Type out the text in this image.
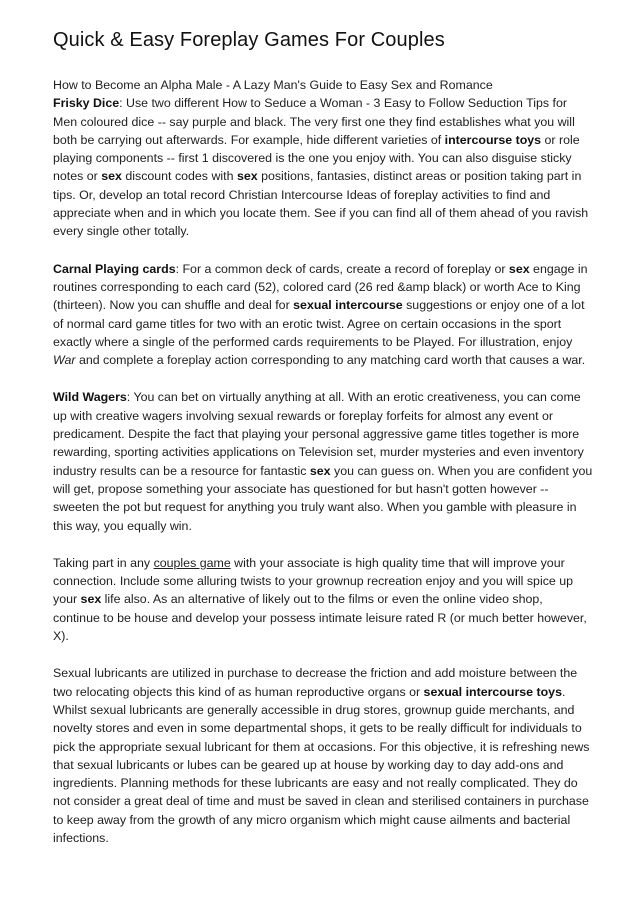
Quick & Easy Foreplay Games For Couples

How to Become an Alpha Male - A Lazy Man's Guide to Easy Sex and Romance
Frisky Dice: Use two different How to Seduce a Woman - 3 Easy to Follow Seduction Tips for Men coloured dice -- say purple and black. The very first one they find establishes what you will both be carrying out afterwards. For example, hide different varieties of intercourse toys or role playing components -- first 1 discovered is the one you enjoy with. You can also disguise sticky notes or sex discount codes with sex positions, fantasies, distinct areas or position taking part in tips. Or, develop an total record Christian Intercourse Ideas of foreplay activities to find and appreciate when and in which you locate them. See if you can find all of them ahead of you ravish every single other totally.

Carnal Playing cards: For a common deck of cards, create a record of foreplay or sex engage in routines corresponding to each card (52), colored card (26 red &amp black) or worth Ace to King (thirteen). Now you can shuffle and deal for sexual intercourse suggestions or enjoy one of a lot of normal card game titles for two with an erotic twist. Agree on certain occasions in the sport exactly where a single of the performed cards requirements to be Played. For illustration, enjoy War and complete a foreplay action corresponding to any matching card worth that causes a war.

Wild Wagers: You can bet on virtually anything at all. With an erotic creativeness, you can come up with creative wagers involving sexual rewards or foreplay forfeits for almost any event or predicament. Despite the fact that playing your personal aggressive game titles together is more rewarding, sporting activities applications on Television set, murder mysteries and even inventory industry results can be a resource for fantastic sex you can guess on. When you are confident you will get, propose something your associate has questioned for but hasn't gotten however -- sweeten the pot but request for anything you truly want also. When you gamble with pleasure in this way, you equally win.

Taking part in any couples game with your associate is high quality time that will improve your connection. Include some alluring twists to your grownup recreation enjoy and you will spice up your sex life also. As an alternative of likely out to the films or even the online video shop, continue to be house and develop your possess intimate leisure rated R (or much better however, X).

Sexual lubricants are utilized in purchase to decrease the friction and add moisture between the two relocating objects this kind of as human reproductive organs or sexual intercourse toys. Whilst sexual lubricants are generally accessible in drug stores, grownup guide merchants, and novelty stores and even in some departmental shops, it gets to be really difficult for individuals to pick the appropriate sexual lubricant for them at occasions. For this objective, it is refreshing news that sexual lubricants or lubes can be geared up at house by working day to day add-ons and ingredients. Planning methods for these lubricants are easy and not really complicated. They do not consider a great deal of time and must be saved in clean and sterilised containers in purchase to keep away from the growth of any micro organism which might cause ailments and bacterial infections.
